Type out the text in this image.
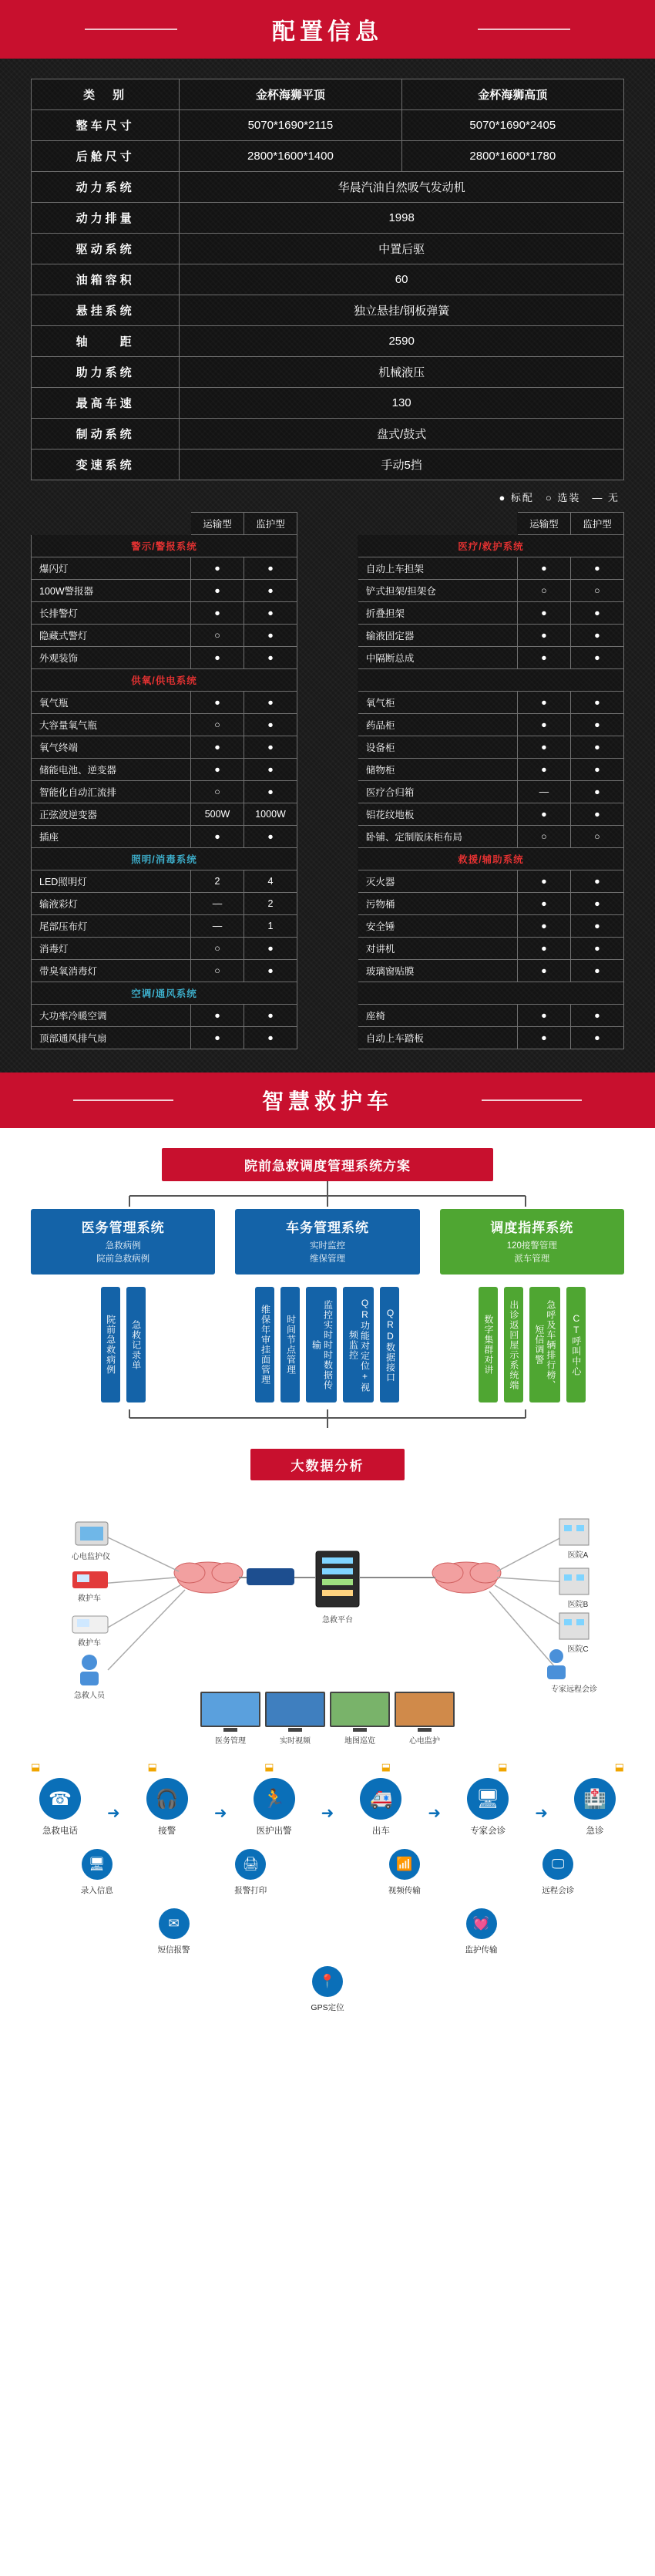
配置信息
类　别	金杯海狮平顶	金杯海狮高顶
整车尺寸	5070*1690*2115	5070*1690*2405
后舱尺寸	2800*1600*1400	2800*1600*1780
动力系统	华晨汽油自然吸气发动机	
动力排量	1998	
驱动系统	中置后驱	
油箱容积	60	
悬挂系统	独立悬挂/钢板弹簧	
轴　　距	2590	
助力系统	机械液压	
最高车速	130	
制动系统	盘式/鼓式	
变速系统	手动5挡	
● 标配　○ 选装　— 无
	运输型	监护型			运输型	监护型
警示/警报系统				医疗/救护系统		
爆闪灯	●	●		自动上车担架	●	●
100W警报器	●	●		铲式担架/担架仓	○	○
长排警灯	●	●		折叠担架	●	●
隐藏式警灯	○	●		输液固定器	●	●
外观装饰	●	●		中隔断总成	●	●
供氧/供电系统						
氧气瓶	●	●		氧气柜	●	●
大容量氧气瓶	○	●		药品柜	●	●
氧气终端	●	●		设备柜	●	●
储能电池、逆变器	●	●		储物柜	●	●
智能化自动汇流排	○	●		医疗合归箱	—	●
正弦波逆变器	500W	1000W		铝花纹地板	●	●
插座	●	●		卧铺、定制版床柜布局	○	○
照明/消毒系统				救援/辅助系统		
LED照明灯	2	4		灭火器	●	●
输液彩灯	—	2		污物桶	●	●
尾部压布灯	—	1		安全锤	●	●
消毒灯	○	●		对讲机	●	●
带臭氧消毒灯	○	●		玻璃窗贴膜	●	●
空调/通风系统						
大功率冷暖空调	●	●		座椅	●	●
顶部通风排气扇	●	●		自动上车踏板	●	●
智慧救护车
院前急救调度管理系统方案
医务管理系统
急救病例
院前急救病例
院前急救病例	急救记录单
车务管理系统
实时监控
维保管理
维保年审挂面管理	时间节点管理	监控实时时时数据传输	QR功能对定位+视频监控	QRD数据接口
调度指挥系统
120接警管理
派车管理
数字集群对讲	出诊返回屋示系统端	急呼及车辆排行榜、短信调警	CT呼叫中心
大数据分析
心电监护仪
救护车
救护车
急救人员
急救平台
医院A
医院B
医院C
专家远程会诊
医务管理	实时视频	地图巡览	心电监护
⬓	⬓	⬓	⬓	⬓	⬓
☎
急救电话
➜
🎧
接警
➜
🏃
医护出警
➜
🚑
出车
➜
🖥
专家会诊
➜
🏥
急诊
🖥
录入信息
🖨
报警打印
📶
视频传输
🖵
远程会诊
✉
短信报警
💓
监护传输
📍
GPS定位
